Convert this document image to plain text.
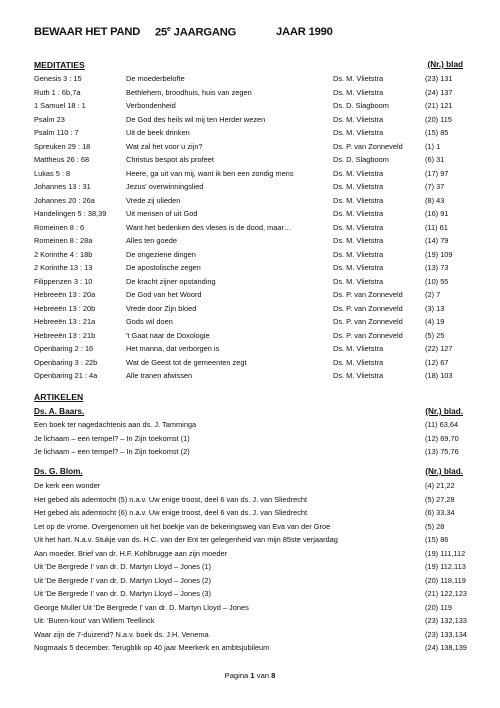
BEWAAR HET PAND 25e JAARGANG	JAAR 1990
MEDITATIES	(Nr.) blad
Genesis 3 : 15	De moederbelofte	Ds. M. Vlietstra	(23) 131
Ruth 1 : 6b,7a	Bethlehem, broodhuis, huis van zegen	Ds. M. Vlietstra	(24) 137
1 Samuel 18 : 1	Verbondenheid	Ds. D. Slagboom	(21) 121
Psalm 23	De God des heils wil mij ten Herder wezen	Ds. M. Vlietstra	(20) 115
Psalm 110 : 7	Uit de beek drinken	Ds. M. Vlietstra	(15) 85
Spreuken 29 : 18	Wat zal het voor u zijn?	Ds. P. van Zonneveld	(1) 1
Mattheus 26 : 68	Christus bespot als profeet	Ds. D. Slagboom	(6) 31
Lukas 5 : 8	Heere, ga uit van mij, want ik ben een zondig mens	Ds. M. Vlietstra	(17) 97
Johannes 13 : 31	Jezus' overwinningslied	Ds. M. Vlietstra	(7) 37
Johannes 20 : 26a	Vrede zij ulieden	Ds. M. Vlietstra	(8) 43
Handelingen 5 : 38,39	Uit mensen of uit God	Ds. M. Vlietstra	(16) 91
Romeinen 8 : 6	Want het bedenken des vleses is de dood, maar…	Ds. M. Vlietstra	(11) 61
Romeinen 8 : 28a	Alles ten goede	Ds. M. Vlietstra	(14) 79
2 Korinthe 4 : 18b	De ongeziene dingen	Ds. M. Vlietstra	(19) 109
2 Korinthe 13 : 13	De apostolische zegen	Ds. M. Vlietstra	(13) 73
Filippenzen 3 : 10	De kracht zijner opstanding	Ds. M. Vlietstra	(10) 55
Hebreeën 13 : 20a	De God van het Woord	Ds. P. van Zonneveld	(2) 7
Hebreeën 13 : 20b	Vrede door Zijn bloed	Ds. P. van Zonneveld	(3) 13
Hebreeën 13 : 21a	Gods wil doen	Ds. P. van Zonneveld	(4) 19
Hebreeën 13 : 21b	't Gaat naar de Doxologie	Ds. P. van Zonneveld	(5) 25
Openbaring 2 : 16	Het manna, dat verborgen is	Ds. M. Vlietstra	(22) 127
Openbaring 3 : 22b	Wat de Geest tot de gemeenten zegt	Ds. M. Vlietstra	(12) 67
Openbaring 21 : 4a	Alle tranen afwissen	Ds. M. Vlietstra	(18) 103
ARTIKELEN
Ds. A. Baars.	(Nr.) blad.
Een boek ter nagedachtenis aan ds. J. Tamminga	(11) 63,64
Je lichaam – een tempel? – In Zijn toekomst (1)	(12) 69,70
Je lichaam – een tempel? – In Zijn toekomst (2)	(13) 75,76
Ds. G. Blom.	(Nr.) blad.
De kerk een wonder	(4) 21,22
Het gebed als ademtocht (5) n.a.v. Uw enige troost, deel 6 van ds. J. van Sliedrecht	(5) 27,28
Het gebed als ademtocht (6) n.a.v. Uw enige troost, deel 6 van ds. J. van Sliedrecht	(6) 33,34
Let op de vrome. Overgenomen uit het boekje van de bekeringsweg van Eva van der Groe	(5) 28
Uit het hart. N.a.v. Stukje van ds. H.C. van der Ent ter gelegenheid van mijn 85ste verjaardag	(15) 86
Aan moeder. Brief van dr. H.F. Kohlbrugge aan zijn moeder	(19) 111,112
Uit 'De Bergrede I' van dr. D. Martyn Lloyd – Jones (1)	(19) 112,113
Uit 'De Bergrede I' van dr. D. Martyn Lloyd – Jones (2)	(20) 118,119
Uit 'De Bergrede I' van dr. D. Martyn Lloyd – Jones (3)	(21) 122,123
George Muller Uit 'De Bergrede I' van dr. D. Martyn Lloyd – Jones	(20) 119
Uit: 'Buren-kout' van Willem Teellinck	(23) 132,133
Waar zijn de 7-duizend? N.a.v. boek ds. J.H. Venema	(23) 133,134
Nogmaals 5 december. Terugblik op 40 jaar Meerkerk en ambtsjubileum	(24) 138,139
Pagina 1 van 8
